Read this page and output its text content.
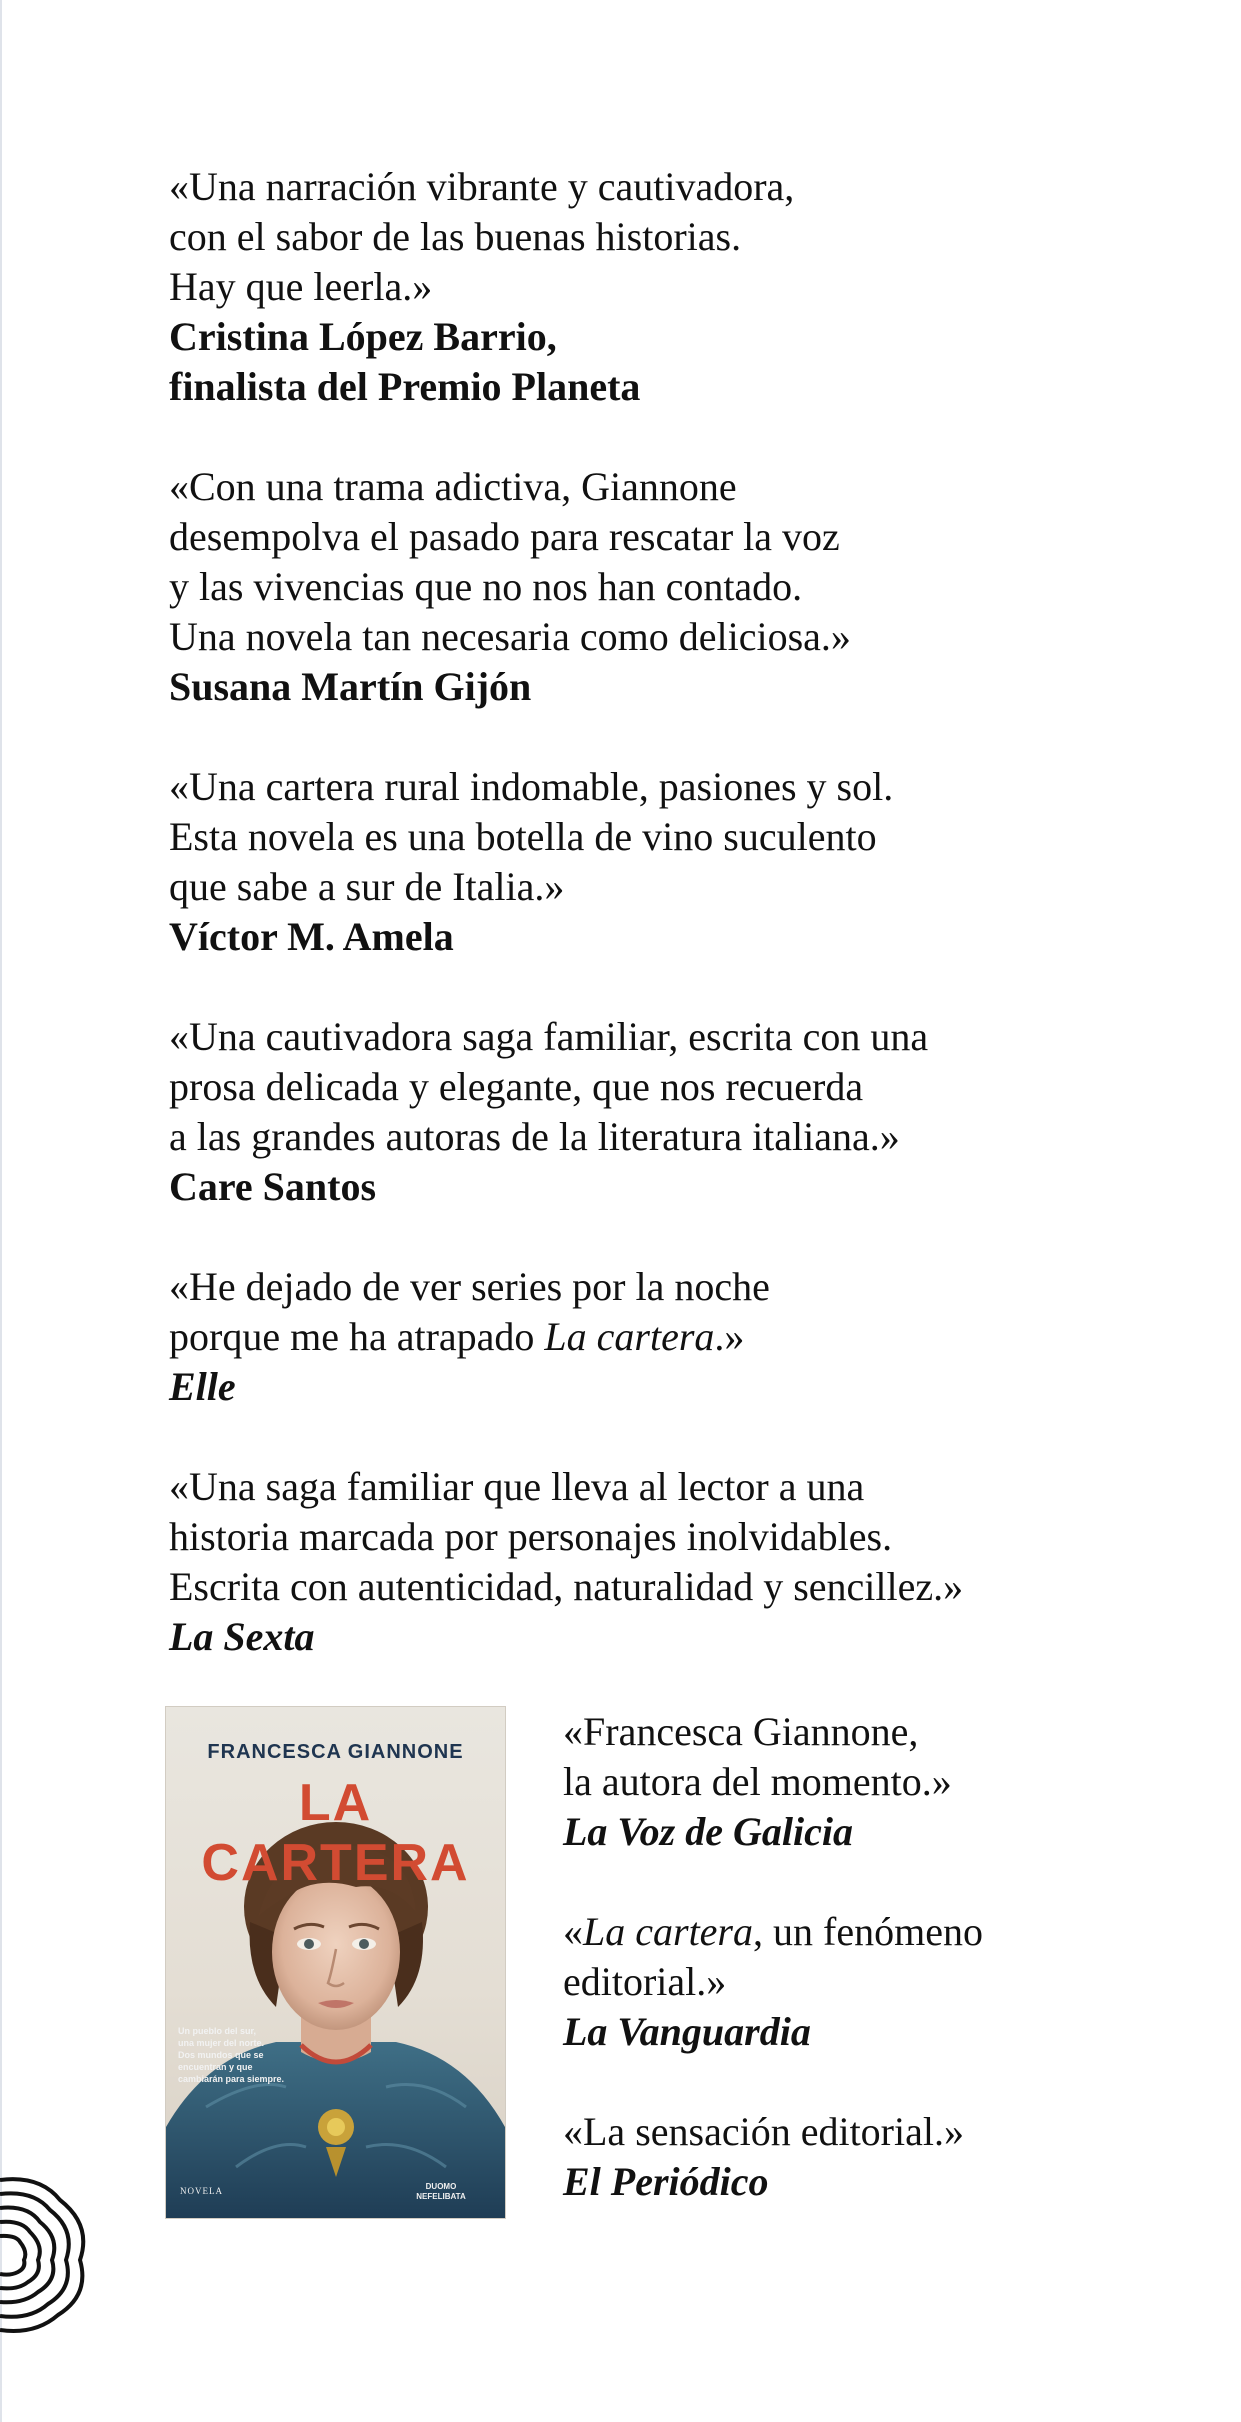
«Una narración vibrante y cautivadora,
con el sabor de las buenas historias.
Hay que leerla.»
Cristina López Barrio,
finalista del Premio Planeta
«Con una trama adictiva, Giannone
desempolva el pasado para rescatar la voz
y las vivencias que no nos han contado.
Una novela tan necesaria como deliciosa.»
Susana Martín Gijón
«Una cartera rural indomable, pasiones y sol.
Esta novela es una botella de vino suculento
que sabe a sur de Italia.»
Víctor M. Amela
«Una cautivadora saga familiar, escrita con una
prosa delicada y elegante, que nos recuerda
a las grandes autoras de la literatura italiana.»
Care Santos
«He dejado de ver series por la noche
porque me ha atrapado La cartera.»
Elle
«Una saga familiar que lleva al lector a una
historia marcada por personajes inolvidables.
Escrita con autenticidad, naturalidad y sencillez.»
La Sexta
FRANCESCA GIANNONE
LA CARTERA
Un pueblo del sur,
una mujer del norte.
Dos mundos que se
encuentran y que
cambiarán para siempre.
NOVELA	DUOMO
NEFELIBATA
«Francesca Giannone,
la autora del momento.»
La Voz de Galicia
«La cartera, un fenómeno
editorial.»
La Vanguardia
«La sensación editorial.»
El Periódico
